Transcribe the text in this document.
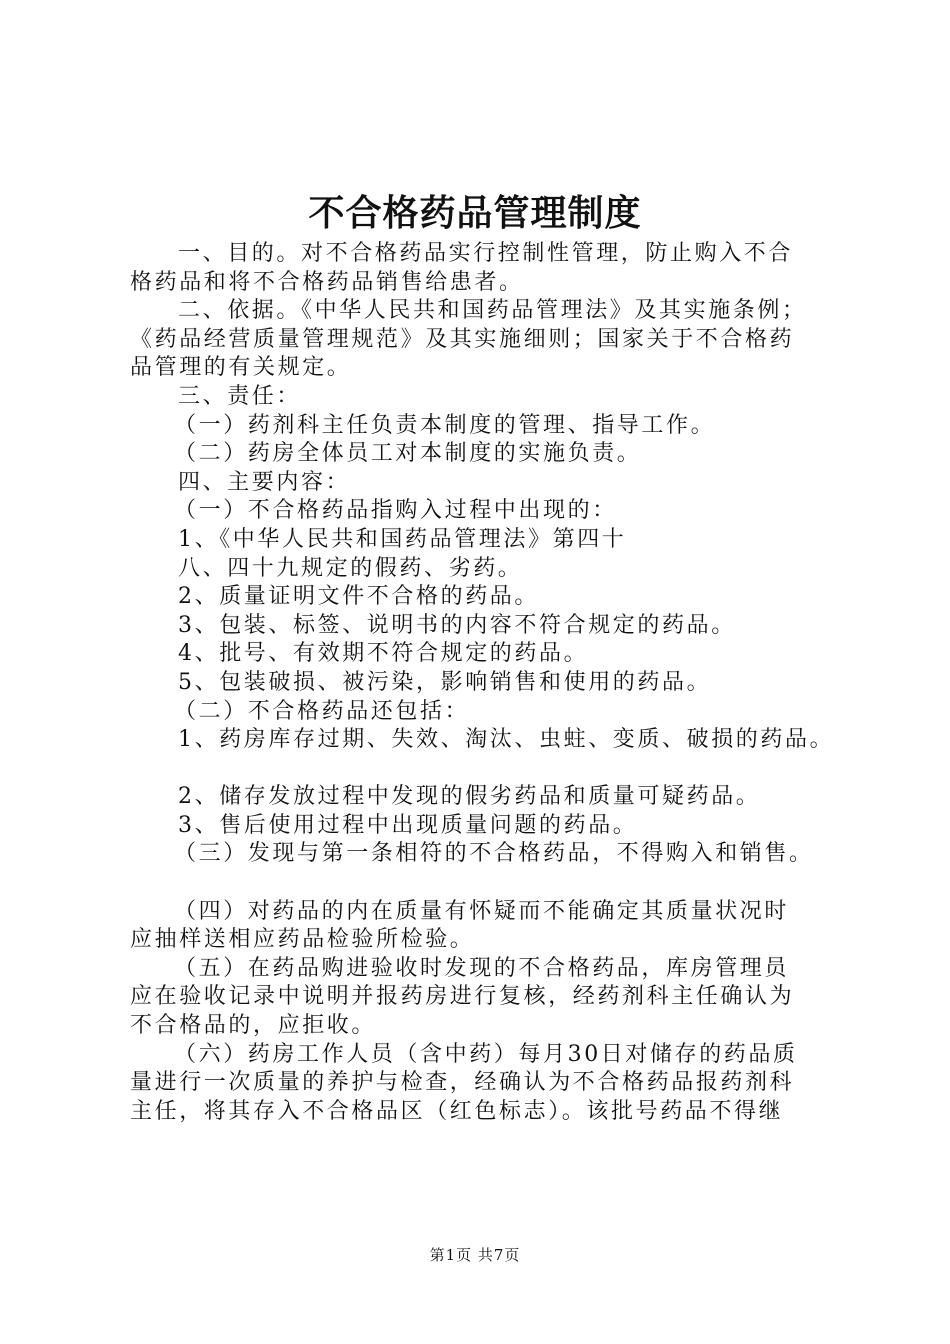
不合格药品管理制度
一、目的。对不合格药品实行控制性管理，防止购入不合
格药品和将不合格药品销售给患者。
二、依据。《中华人民共和国药品管理法》及其实施条例；
《药品经营质量管理规范》及其实施细则；国家关于不合格药
品管理的有关规定。
三、责任：
（一）药剂科主任负责本制度的管理、指导工作。
（二）药房全体员工对本制度的实施负责。
四、主要内容：
（一）不合格药品指购入过程中出现的：
1、《中华人民共和国药品管理法》第四十
八、四十九规定的假药、劣药。
2、质量证明文件不合格的药品。
3、包装、标签、说明书的内容不符合规定的药品。
4、批号、有效期不符合规定的药品。
5、包装破损、被污染，影响销售和使用的药品。
（二）不合格药品还包括：
1、药房库存过期、失效、淘汰、虫蛀、变质、破损的药品。
2、储存发放过程中发现的假劣药品和质量可疑药品。
3、售后使用过程中出现质量问题的药品。
（三）发现与第一条相符的不合格药品，不得购入和销售。
（四）对药品的内在质量有怀疑而不能确定其质量状况时
应抽样送相应药品检验所检验。
（五）在药品购进验收时发现的不合格药品，库房管理员
应在验收记录中说明并报药房进行复核，经药剂科主任确认为
不合格品的，应拒收。
（六）药房工作人员（含中药）每月30日对储存的药品质
量进行一次质量的养护与检查，经确认为不合格药品报药剂科
主任，将其存入不合格品区（红色标志）。该批号药品不得继
第1页 共7页
